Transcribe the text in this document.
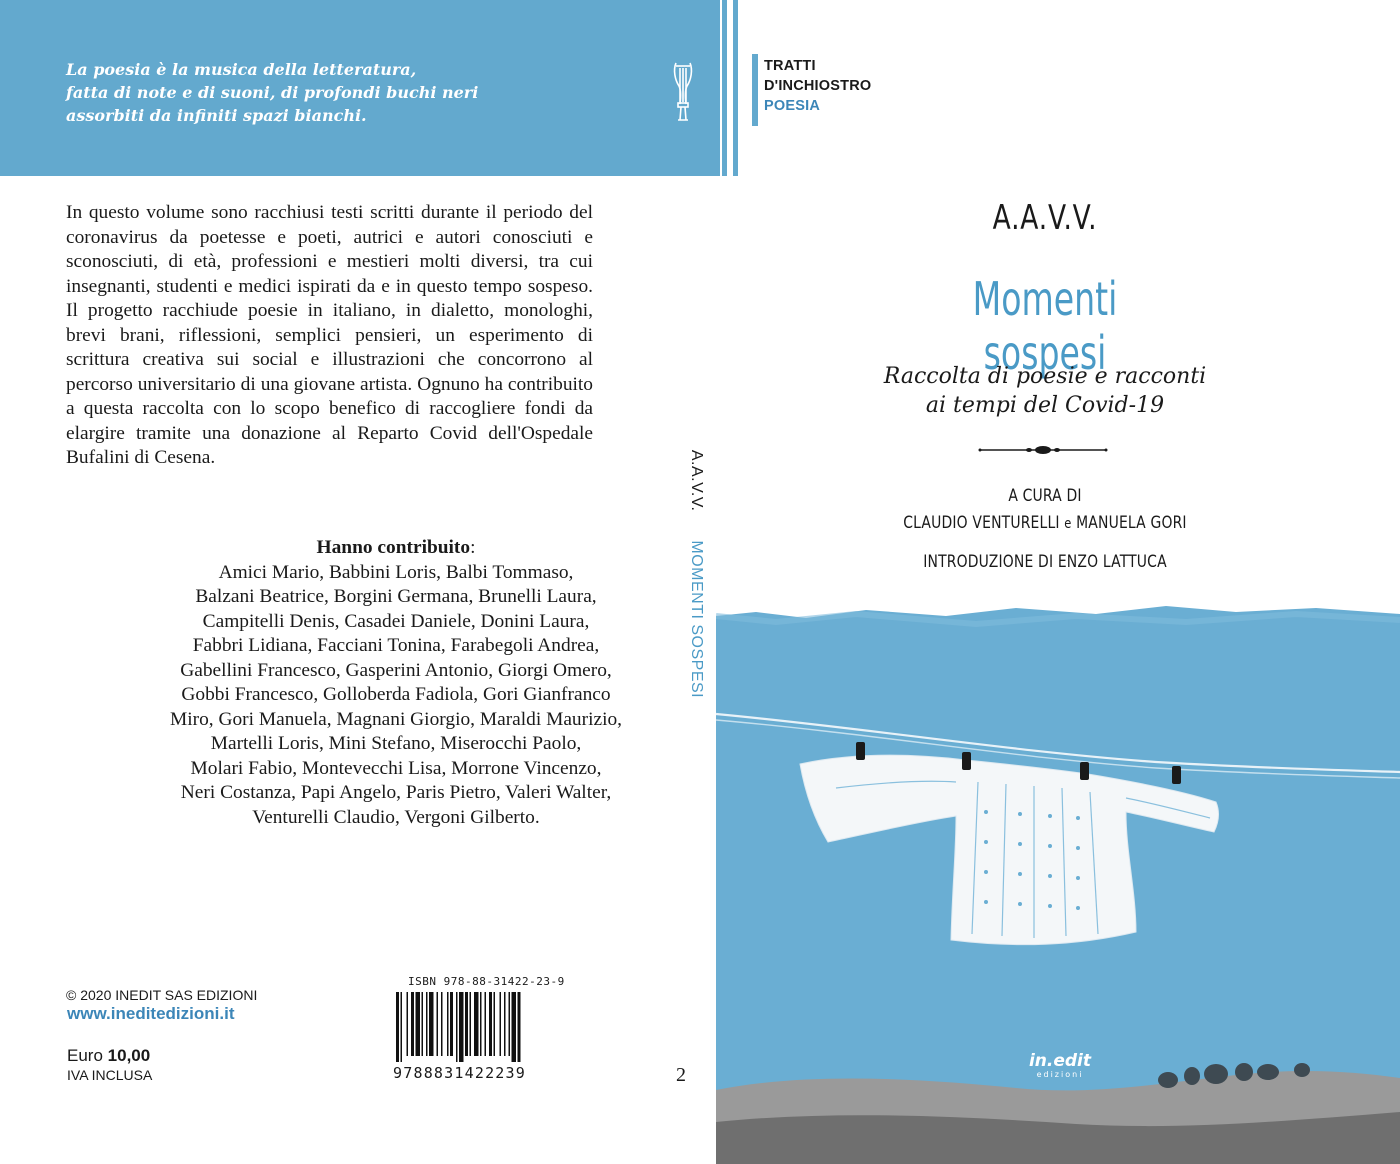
La poesia è la musica della letteratura,
fatta di note e di suoni, di profondi buchi neri
assorbiti da infiniti spazi bianchi.

In questo volume sono racchiusi testi scritti durante il periodo del coronavirus da poetesse e poeti, autrici e autori conosciuti e sconosciuti, di età, professioni e mestieri molti diversi, tra cui insegnanti, studenti e medici ispirati da e in questo tempo sospeso. Il progetto racchiude poesie in italiano, in dialetto, monologhi, brevi brani, riflessioni, semplici pensieri, un esperimento di scrittura creativa sui social e illustrazioni che concorrono al percorso universitario di una giovane artista. Ognuno ha contribuito a questa raccolta con lo scopo benefico di raccogliere fondi da elargire tramite una donazione al Reparto Covid dell'Ospedale Bufalini di Cesena.

Hanno contribuito:
Amici Mario, Babbini Loris, Balbi Tommaso,
Balzani Beatrice, Borgini Germana, Brunelli Laura,
Campitelli Denis, Casadei Daniele, Donini Laura,
Fabbri Lidiana, Facciani Tonina, Farabegoli Andrea,
Gabellini Francesco, Gasperini Antonio, Giorgi Omero,
Gobbi Francesco, Golloberda Fadiola, Gori Gianfranco
Miro, Gori Manuela, Magnani Giorgio, Maraldi Maurizio,
Martelli Loris, Mini Stefano, Miserocchi Paolo,
Molari Fabio, Montevecchi Lisa, Morrone Vincenzo,
Neri Costanza, Papi Angelo, Paris Pietro, Valeri Walter,
Venturelli Claudio, Vergoni Gilberto.
© 2020 INEDIT SAS EDIZIONI
www.ineditedizioni.it
Euro 10,00
IVA INCLUSA
ISBN 978-88-31422-23-9
9788831422239
A.A.V.V. MOMENTI SOSPESI
2
TRATTI
D'INCHIOSTRO
POESIA
A.A.V.V.
Momenti sospesi
Raccolta di poesie e racconti
ai tempi del Covid-19
A CURA DI
CLAUDIO VENTURELLI e MANUELA GORI
INTRODUZIONE DI ENZO LATTUCA
in.edit
edizioni
